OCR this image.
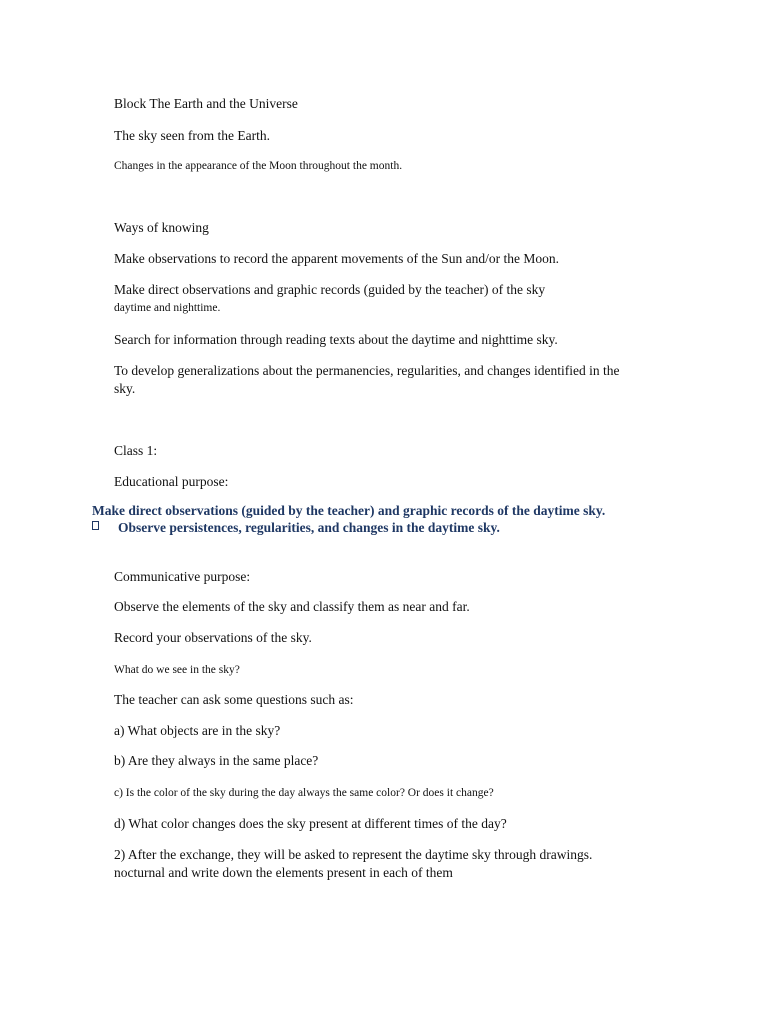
Block The Earth and the Universe
The sky seen from the Earth.
Changes in the appearance of the Moon throughout the month.
Ways of knowing
Make observations to record the apparent movements of the Sun and/or the Moon.
Make direct observations and graphic records (guided by the teacher) of the sky
daytime and nighttime.
Search for information through reading texts about the daytime and nighttime sky.
To develop generalizations about the permanencies, regularities, and changes identified in the
sky.
Class 1:
Educational purpose:
Make direct observations (guided by the teacher) and graphic records of the daytime sky.
Observe persistences, regularities, and changes in the daytime sky.
Communicative purpose:
Observe the elements of the sky and classify them as near and far.
Record your observations of the sky.
What do we see in the sky?
The teacher can ask some questions such as:
a) What objects are in the sky?
b) Are they always in the same place?
c) Is the color of the sky during the day always the same color? Or does it change?
d) What color changes does the sky present at different times of the day?
2) After the exchange, they will be asked to represent the daytime sky through drawings.
nocturnal and write down the elements present in each of them
